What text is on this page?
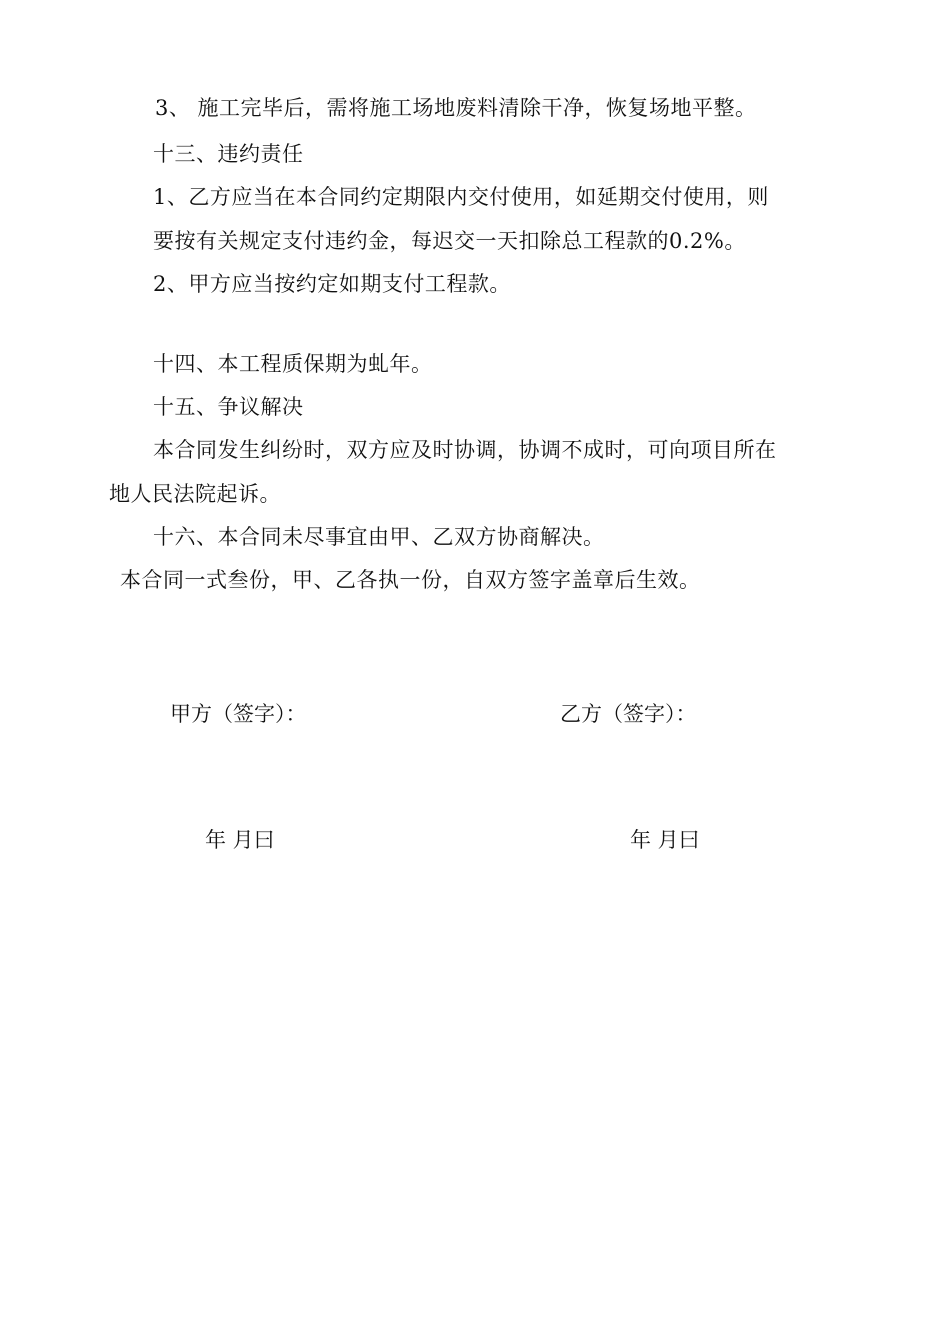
3、 施工完毕后，需将施工场地废料清除干净，恢复场地平整。
十三、违约责任
1、乙方应当在本合同约定期限内交付使用，如延期交付使用，则
要按有关规定支付违约金，每迟交一天扣除总工程款的0.2%。
2、甲方应当按约定如期支付工程款。
十四、本工程质保期为虬年。
十五、争议解决
本合同发生纠纷时，双方应及时协调，协调不成时，可向项目所在
地人民法院起诉。
十六、本合同未尽事宜由甲、乙双方协商解决。
本合同一式叁份，甲、乙各执一份，自双方签字盖章后生效。
甲方（签字）：	乙方（签字）：
年 月曰	年 月曰
